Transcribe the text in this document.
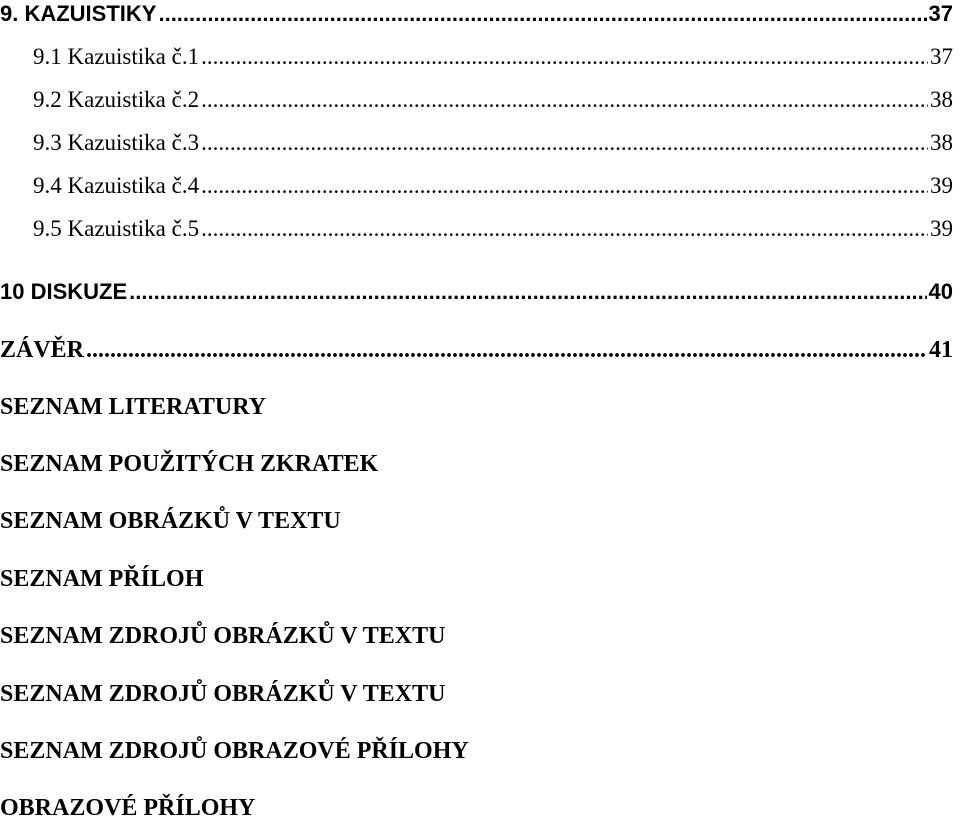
9. KAZUISTIKY .....	37
9.1 Kazuistika č.1 .....	37
9.2 Kazuistika č.2 .....	38
9.3 Kazuistika č.3 .....	38
9.4 Kazuistika č.4 .....	39
9.5 Kazuistika č.5 .....	39
10 DISKUZE .....	40
ZÁVĚR .....	41
SEZNAM LITERATURY
SEZNAM POUŽITÝCH ZKRATEK
SEZNAM OBRÁZKŮ V TEXTU
SEZNAM PŘÍLOH
SEZNAM ZDROJŮ OBRÁZKŮ V TEXTU
SEZNAM ZDROJŮ OBRÁZKŮ V TEXTU
SEZNAM ZDROJŮ OBRAZOVÉ PŘÍLOHY
OBRAZOVÉ PŘÍLOHY
